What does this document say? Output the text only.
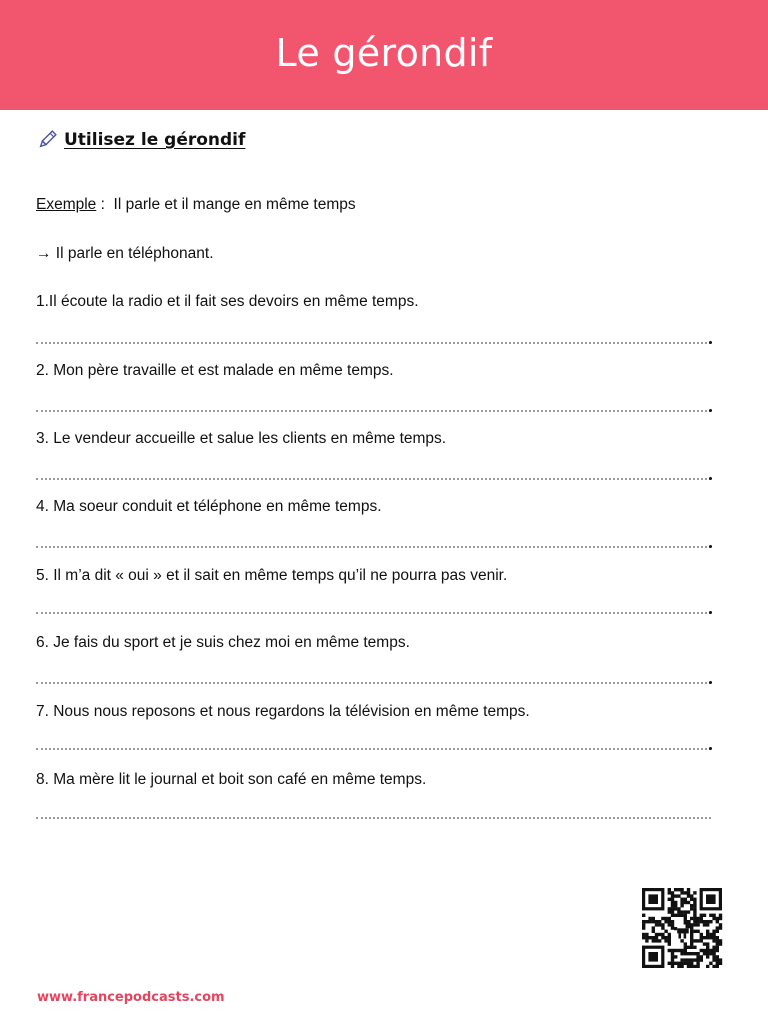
Le gérondif
Utilisez le gérondif
Exemple :  Il parle et il mange en même temps
→ Il parle en téléphonant.
1.Il écoute la radio et il fait ses devoirs en même temps.
2. Mon père travaille et est malade en même temps.
3. Le vendeur accueille et salue les clients en même temps.
4. Ma soeur conduit et téléphone en même temps.
5. Il m’a dit « oui » et il sait en même temps qu’il ne pourra pas venir.
6. Je fais du sport et je suis chez moi en même temps.
7. Nous nous reposons et nous regardons la télévision en même temps.
8. Ma mère lit le journal et boit son café en même temps.
www.francepodcasts.com
